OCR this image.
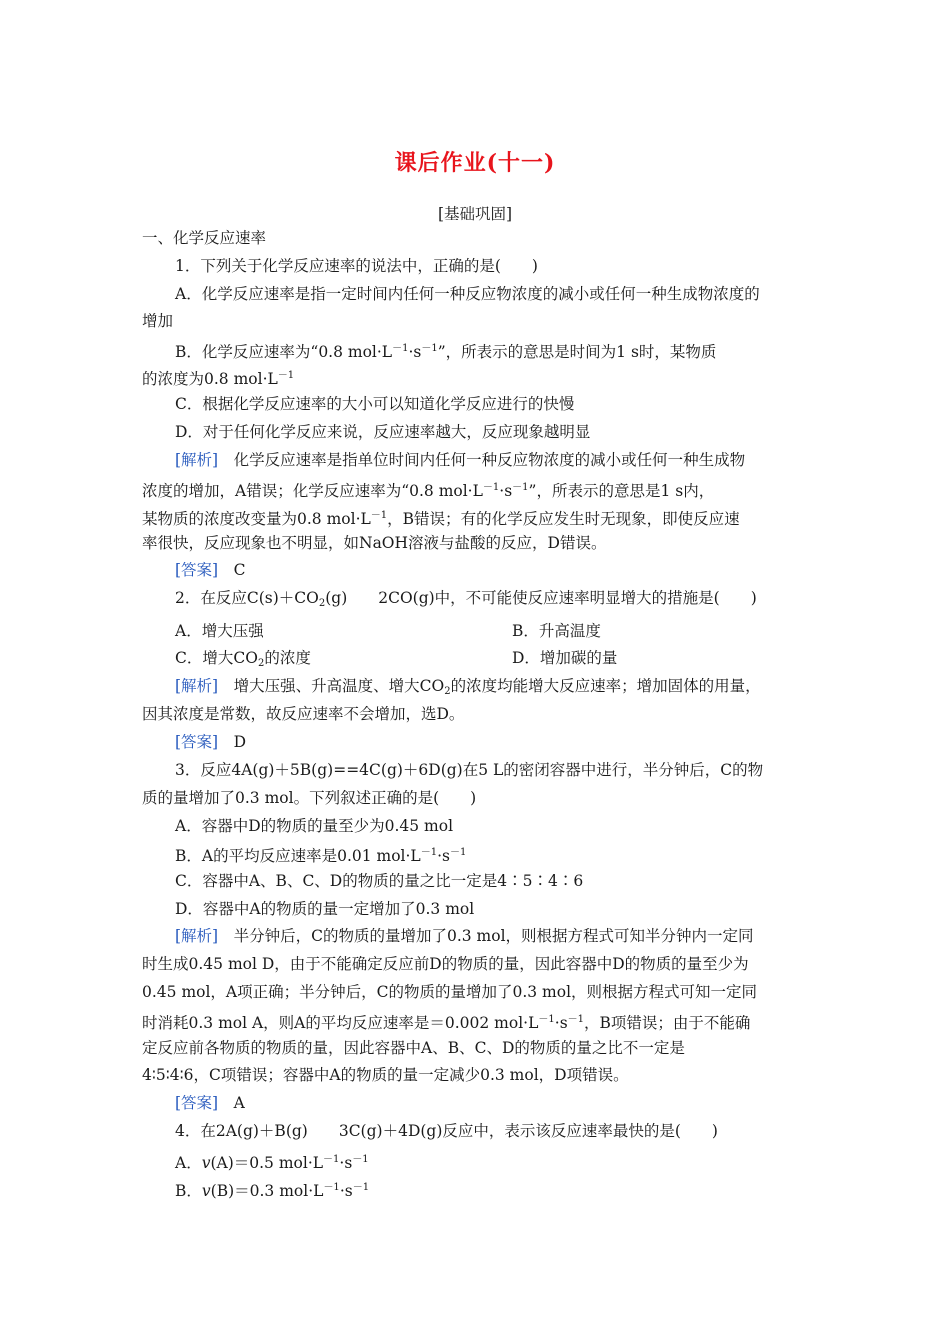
课后作业(十一)
[基础巩固]
一、化学反应速率
1．下列关于化学反应速率的说法中，正确的是(　　)
A．化学反应速率是指一定时间内任何一种反应物浓度的减小或任何一种生成物浓度的
增加
B．化学反应速率为“0.8 $mol\cdot L^{-1}\cdot s^{-1}$”，所表示的意思是时间为1 s时，某物质
的浓度为0.8 $mol\cdot L^{-1}$
C．根据化学反应速率的大小可以知道化学反应进行的快慢
D．对于任何化学反应来说，反应速率越大，反应现象越明显
[解析]　化学反应速率是指单位时间内任何一种反应物浓度的减小或任何一种生成物
浓度的增加，A错误；化学反应速率为“0.8 $mol\cdot L^{-1}\cdot s^{-1}$”，所表示的意思是1 s内，
某物质的浓度改变量为0.8 $mol\cdot L^{-1}$，B错误；有的化学反应发生时无现象，即使反应速
率很快，反应现象也不明显，如NaOH溶液与盐酸的反应，D错误。
[答案]　C
2．在反应C(s)＋CO2(g)　　2CO(g)中，不可能使反应速率明显增大的措施是(　　)
A．增大压强	B．升高温度
C．增大CO2的浓度	D．增加碳的量
[解析]　增大压强、升高温度、增大CO2的浓度均能增大反应速率；增加固体的用量，
因其浓度是常数，故反应速率不会增加，选D。
[答案]　D
3．反应4A(g)＋5B(g)==4C(g)＋6D(g)在5 L的密闭容器中进行，半分钟后，C的物
质的量增加了0.3 mol。下列叙述正确的是(　　)
A．容器中D的物质的量至少为0.45 mol
B．A的平均反应速率是0.01 $mol\cdot L^{-1}\cdot s^{-1}$
C．容器中A、B、C、D的物质的量之比一定是4∶5∶4∶6
D．容器中A的物质的量一定增加了0.3 mol
[解析]　半分钟后，C的物质的量增加了0.3 mol，则根据方程式可知半分钟内一定同
时生成0.45 mol D，由于不能确定反应前D的物质的量，因此容器中D的物质的量至少为
0.45 mol，A项正确；半分钟后，C的物质的量增加了0.3 mol，则根据方程式可知一定同
时消耗0.3 mol A，则A的平均反应速率是＝0.002 $mol\cdot L^{-1}\cdot s^{-1}$，B项错误；由于不能确
定反应前各物质的物质的量，因此容器中A、B、C、D的物质的量之比不一定是
4∶5∶4∶6，C项错误；容器中A的物质的量一定减少0.3 mol，D项错误。
[答案]　A
4．在2A(g)＋B(g)　　3C(g)＋4D(g)反应中，表示该反应速率最快的是(　　)
A．v(A)＝0.5 $mol\cdot L^{-1}\cdot s^{-1}$
B．v(B)＝0.3 $mol\cdot L^{-1}\cdot s^{-1}$
